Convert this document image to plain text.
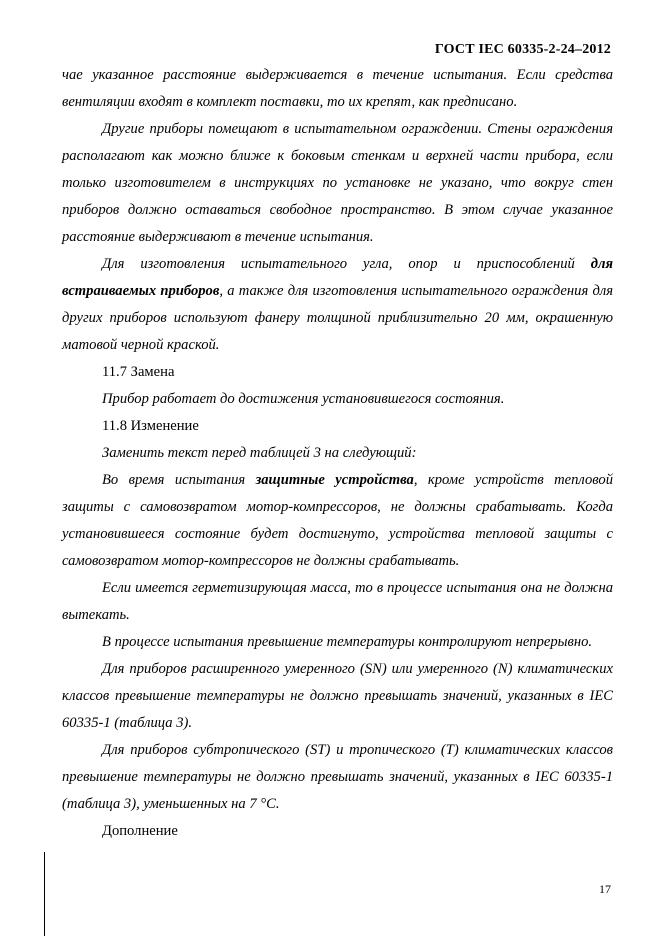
ГОСТ IEC 60335-2-24–2012

чае указанное расстояние выдерживается в течение испытания. Если средства вентиляции входят в комплект поставки, то их крепят, как предписано.

Другие приборы помещают в испытательном ограждении. Стены ограждения располагают как можно ближе к боковым стенкам и верхней части прибора, если только изготовителем в инструкциях по установке не указано, что вокруг стен приборов должно оставаться свободное пространство. В этом случае указанное расстояние выдерживают в течение испытания.

Для изготовления испытательного угла, опор и приспособлений для встраиваемых приборов, а также для изготовления испытательного ограждения для других приборов используют фанеру толщиной приблизительно 20 мм, окрашенную матовой черной краской.

11.7 Замена

Прибор работает до достижения установившегося состояния.

11.8 Изменение

Заменить текст перед таблицей 3 на следующий:

Во время испытания защитные устройства, кроме устройств тепловой защиты с самовозвратом мотор-компрессоров, не должны срабатывать. Когда установившееся состояние будет достигнуто, устройства тепловой защиты с самовозвратом мотор-компрессоров не должны срабатывать.

Если имеется герметизирующая масса, то в процессе испытания она не должна вытекать.

В процессе испытания превышение температуры контролируют непрерывно.

Для приборов расширенного умеренного (SN) или умеренного (N) климатических классов превышение температуры не должно превышать значений, указанных в IEC 60335-1 (таблица 3).

Для приборов субтропического (ST) и тропического (T) климатических классов превышение температуры не должно превышать значений, указанных в IEC 60335-1 (таблица 3), уменьшенных на 7 °С.

Дополнение

17
